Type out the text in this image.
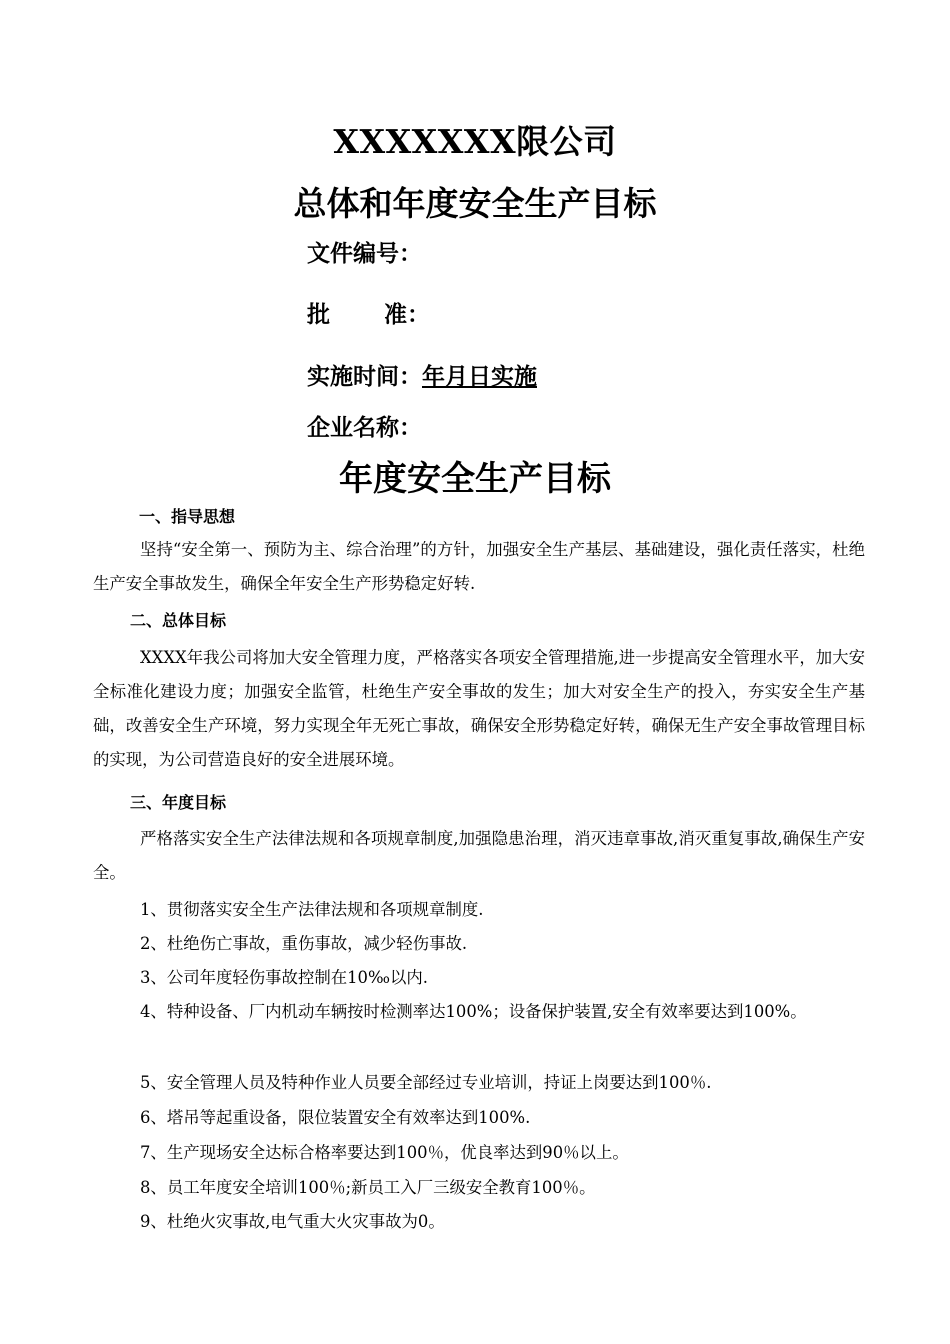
XXXXXXX限公司
总体和年度安全生产目标
文件编号：
批 准：
实施时间：年月日实施
企业名称：
年度安全生产目标
一、指导思想
坚持“安全第一、预防为主、综合治理”的方针，加强安全生产基层、基础建设，强化责任落实，杜绝生产安全事故发生，确保全年安全生产形势稳定好转.
二、总体目标
XXXX年我公司将加大安全管理力度，严格落实各项安全管理措施,进一步提高安全管理水平，加大安全标准化建设力度；加强安全监管，杜绝生产安全事故的发生；加大对安全生产的投入，夯实安全生产基础，改善安全生产环境，努力实现全年无死亡事故，确保安全形势稳定好转，确保无生产安全事故管理目标的实现，为公司营造良好的安全进展环境。
三、年度目标
严格落实安全生产法律法规和各项规章制度,加强隐患治理，消灭违章事故,消灭重复事故,确保生产安全。
1、贯彻落实安全生产法律法规和各项规章制度.
2、杜绝伤亡事故，重伤事故，减少轻伤事故.
3、公司年度轻伤事故控制在10‰以内.
4、特种设备、厂内机动车辆按时检测率达100%；设备保护装置,安全有效率要达到100%。
5、安全管理人员及特种作业人员要全部经过专业培训，持证上岗要达到100％.
6、塔吊等起重设备，限位装置安全有效率达到100%.
7、生产现场安全达标合格率要达到100％，优良率达到90％以上。
8、员工年度安全培训100％;新员工入厂三级安全教育100％。
9、杜绝火灾事故,电气重大火灾事故为0。
